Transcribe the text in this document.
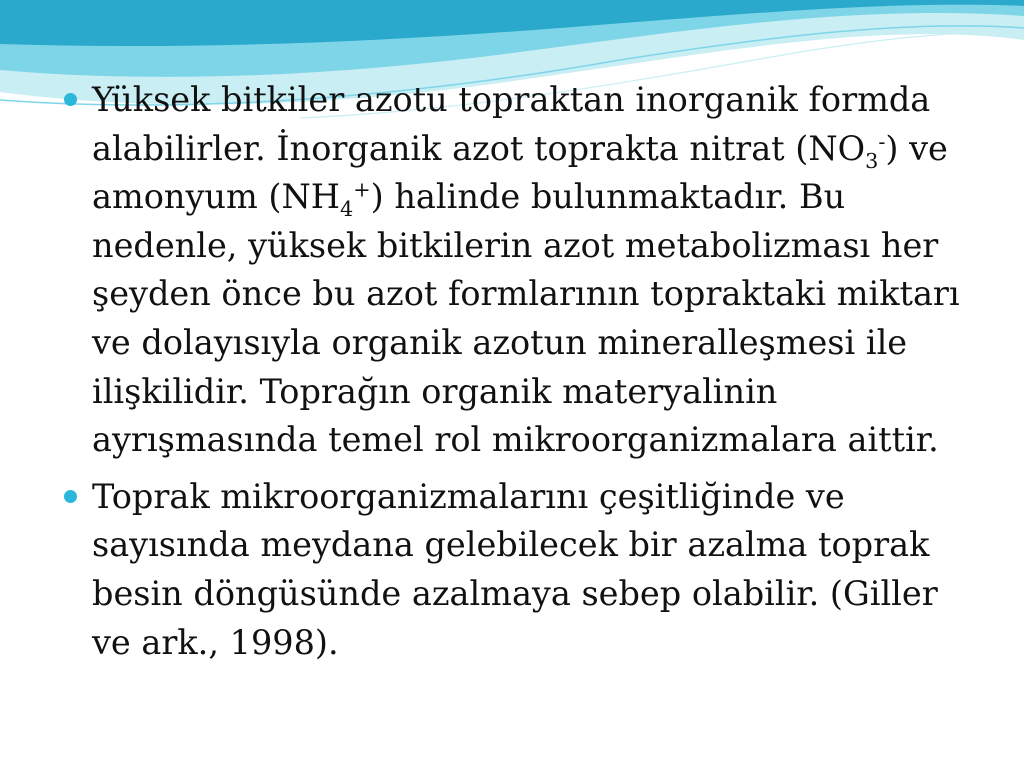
Yüksek bitkiler azotu topraktan inorganik formda alabilirler. İnorganik azot toprakta nitrat $(NO_3^-)$ ve amonyum $(NH_4^+)$ halinde bulunmaktadır. Bu nedenle, yüksek bitkilerin azot metabolizması her şeyden önce bu azot formlarının topraktaki miktarı ve dolayısıyla organik azotun mineralleşmesi ile ilişkilidir. Toprağın organik materyalinin ayrışmasında temel rol mikroorganizmalara aittir.
Toprak mikroorganizmalarını çeşitliğinde ve sayısında meydana gelebilecek bir azalma toprak besin döngüsünde azalmaya sebep olabilir. (Giller ve ark., 1998).
